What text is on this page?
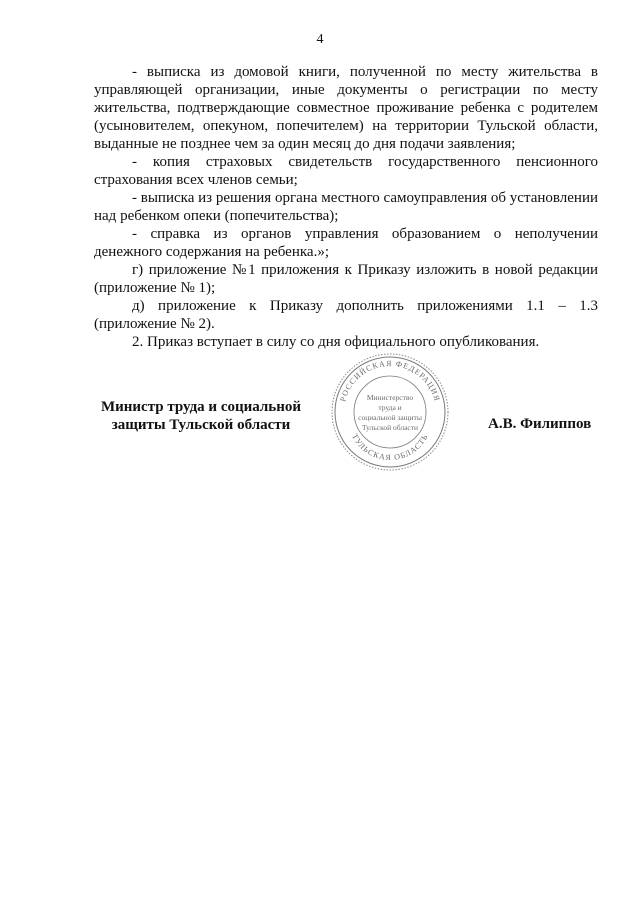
4

- выписка из домовой книги, полученной по месту жительства в управляющей организации, иные документы о регистрации по месту жительства, подтверждающие совместное проживание ребенка с родителем (усыновителем, опекуном, попечителем) на территории Тульской области, выданные не позднее чем за один месяц до дня подачи заявления;

- копия страховых свидетельств государственного пенсионного страхования всех членов семьи;

- выписка из решения органа местного самоуправления об установлении над ребенком опеки (попечительства);

- справка из органов управления образованием о неполучении денежного содержания на ребенка.»;

г) приложение №1 приложения к Приказу изложить в новой редакции (приложение № 1);

д) приложение к Приказу дополнить приложениями 1.1 – 1.3 (приложение № 2).

2. Приказ вступает в силу со дня официального опубликования.

Министр труда и социальной
защиты Тульской области
РОССИЙСКАЯ ФЕДЕРАЦИЯ
ТУЛЬСКАЯ ОБЛАСТЬ
Министерство
труда и
социальной защиты
Тульской области	А.В. Филиппов
